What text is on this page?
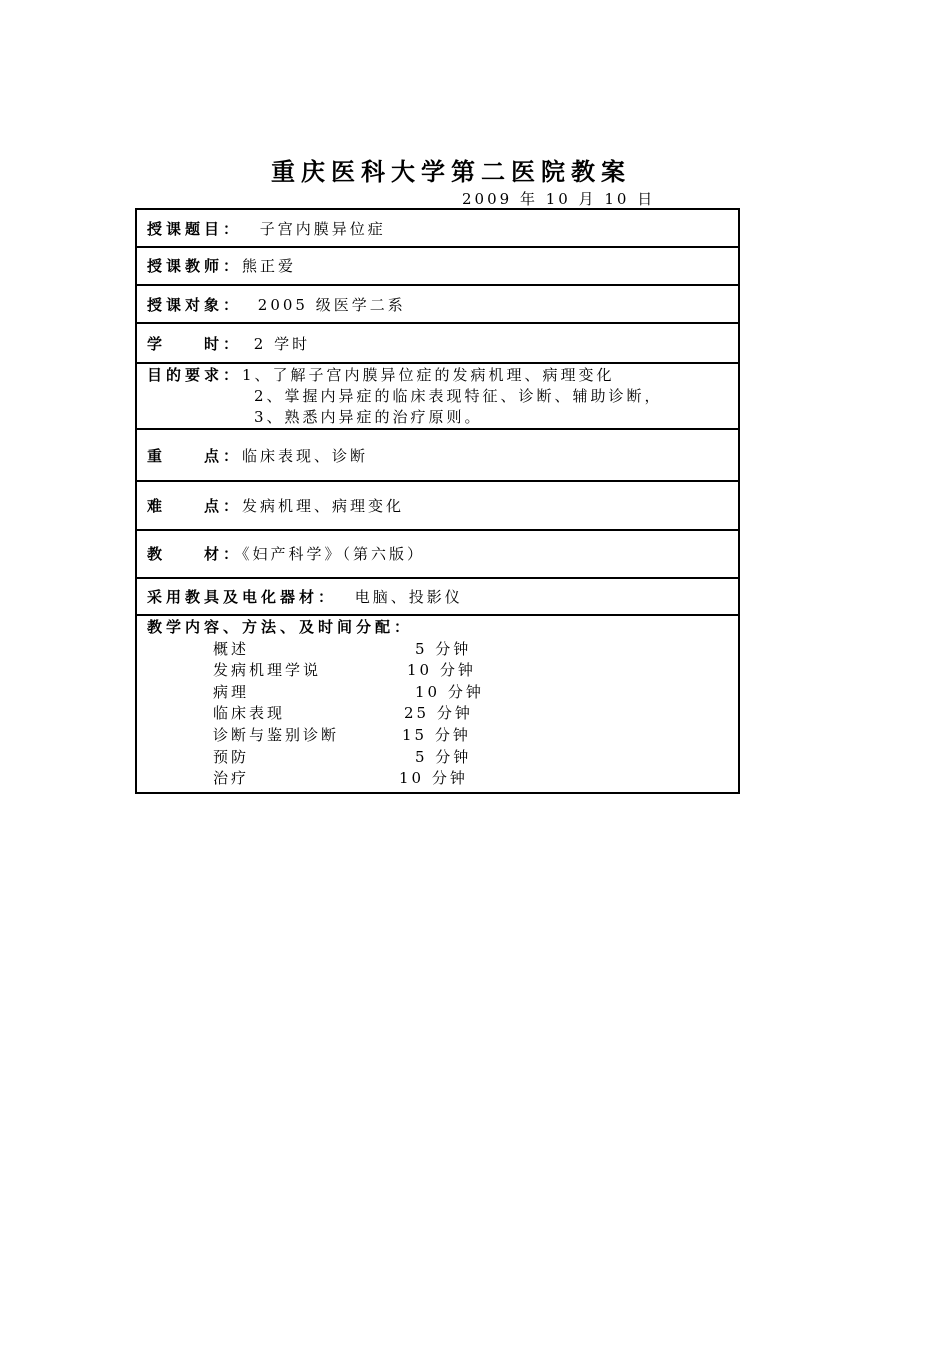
重庆医科大学第二医院教案
2009 年 10 月 10 日
授课题目： 子宫内膜异位症
授课教师：熊正爱
授课对象： 2005 级医学二系
学　　时： 2 学时
目的要求：1、了解子宫内膜异位症的发病机理、病理变化
2、掌握内异症的临床表现特征、诊断、辅助诊断，
3、熟悉内异症的治疗原则。
重　　点：临床表现、诊断
难　　点：发病机理、病理变化
教　　材：《妇产科学》（第六版）
采用教具及电化器材： 电脑、投影仪
教学内容、方法、及时间分配：
概述	5 分钟
发病机理学说	10 分钟
病理	10 分钟
临床表现	25 分钟
诊断与鉴别诊断	15 分钟
预防	5 分钟
治疗	10 分钟
